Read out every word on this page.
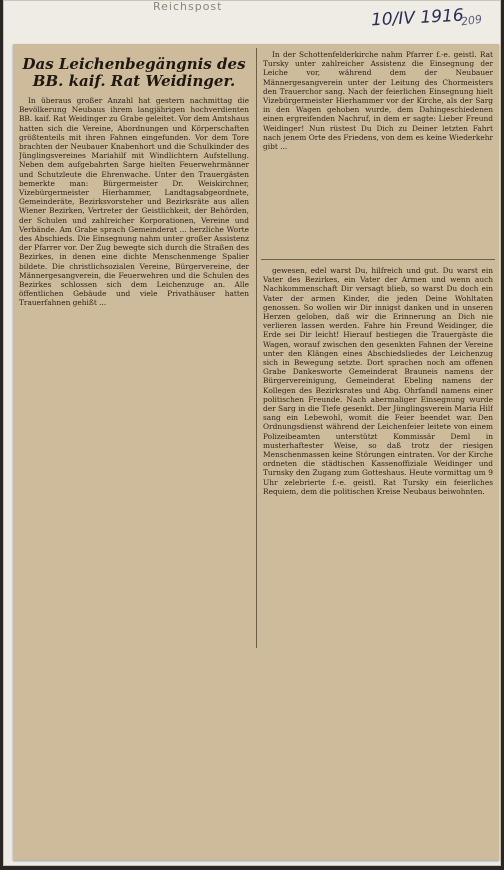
Reichspost	10/IV 1916
209
Das Leichenbegängnis des BB. kaif. Rat Weidinger.

In überaus großer Anzahl hat gestern nachmittag die Bevölkerung Neubaus ihrem langjährigen hochverdienten BB. kaif. Rat Weidinger zu Grabe geleitet. Vor dem Amtshaus hatten sich die Vereine, Abordnungen und Körperschaften größtenteils mit ihren Fahnen eingefunden. Vor dem Tore brachten der Neubauer Knabenhort und die Schulkinder des Jünglingsvereines Mariahilf mit Windlichtern Aufstellung. Neben dem aufgebahrten Sarge hielten Feuerwehrmänner und Schutzleute die Ehrenwache. Unter den Trauergästen bemerkte man: Bürgermeister Dr. Weiskirchner, Vizebürgermeister Hierhammer, Landtagsabgeordnete, Gemeinderäte, Bezirksvorsteher und Bezirksräte aus allen Wiener Bezirken, Vertreter der Geistlichkeit, der Behörden, der Schulen und zahlreicher Korporationen, Vereine und Verbände. Am Grabe sprach Gemeinderat ... herzliche Worte des Abschieds. Die Einsegnung nahm unter großer Assistenz der Pfarrer vor. Der Zug bewegte sich durch die Straßen des Bezirkes, in denen eine dichte Menschenmenge Spalier bildete. Die christlichsozialen Vereine, Bürgervereine, der Männergesangverein, die Feuerwehren und die Schulen des Bezirkes schlossen sich dem Leichenzuge an. Alle öffentlichen Gebäude und viele Privathäuser hatten Trauerfahnen gehißt ...

In der Schottenfelderkirche nahm Pfarrer f.-e. geistl. Rat Tursky unter zahlreicher Assistenz die Einsegnung der Leiche vor, während dem der Neubauer Männergesangverein unter der Leitung des Chormeisters den Trauerchor sang. Nach der feierlichen Einsegnung hielt Vizebürgermeister Hierhammer vor der Kirche, als der Sarg in den Wagen gehoben wurde, dem Dahingeschiedenen einen ergreifenden Nachruf, in dem er sagte: Lieber Freund Weidinger! Nun rüstest Du Dich zu Deiner letzten Fahrt nach jenem Orte des Friedens, von dem es keine Wiederkehr gibt ...

gewesen, edel warst Du, hilfreich und gut. Du warst ein Vater des Bezirkes, ein Vater der Armen und wenn auch Nachkommenschaft Dir versagt blieb, so warst Du doch ein Vater der armen Kinder, die jeden Deine Wohltaten genossen. So wollen wir Dir innigst danken und in unseren Herzen geloben, daß wir die Erinnerung an Dich nie verlieren lassen werden. Fahre hin Freund Weidinger, die Erde sei Dir leicht! Hierauf bestiegen die Trauergäste die Wagen, worauf zwischen den gesenkten Fahnen der Vereine unter den Klängen eines Abschiedsliedes der Leichenzug sich in Bewegung setzte. Dort sprachen noch am offenen Grabe Dankesworte Gemeinderat Brauneis namens der Bürgervereinigung, Gemeinderat Ebeling namens der Kollegen des Bezirksrates und Abg. Ohrfandl namens einer politischen Freunde. Nach abermaliger Einsegnung wurde der Sarg in die Tiefe gesenkt. Der Jünglingsverein Maria Hilf sang ein Lebewohl, womit die Feier beendet war. Den Ordnungsdienst während der Leichenfeier leitete von einem Polizeibeamten unterstützt Kommissär Deml in musterhaftester Weise, so daß trotz der riesigen Menschenmassen keine Störungen eintraten. Vor der Kirche ordneten die städtischen Kassenoffiziale Weidinger und Turnsky den Zugang zum Gotteshaus. Heute vormittag um 9 Uhr zelebrierte f.-e. geistl. Rat Tursky ein feierliches Requiem, dem die politischen Kreise Neubaus beiwohnten.
